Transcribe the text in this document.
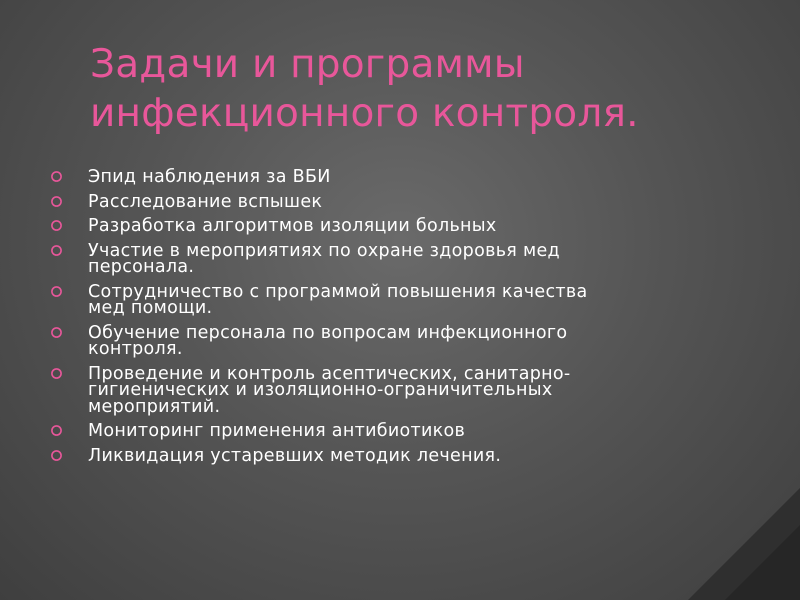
Задачи и программы
инфекционного контроля.
Эпид наблюдения за ВБИ
Расследование вспышек
Разработка алгоритмов изоляции больных
Участие в мероприятиях по охране здоровья мед
персонала.
Сотрудничество с программой повышения качества
мед помощи.
Обучение персонала по вопросам инфекционного
контроля.
Проведение и контроль асептических, санитарно-
гигиенических и изоляционно-ограничительных
мероприятий.
Мониторинг применения антибиотиков
Ликвидация устаревших методик лечения.
